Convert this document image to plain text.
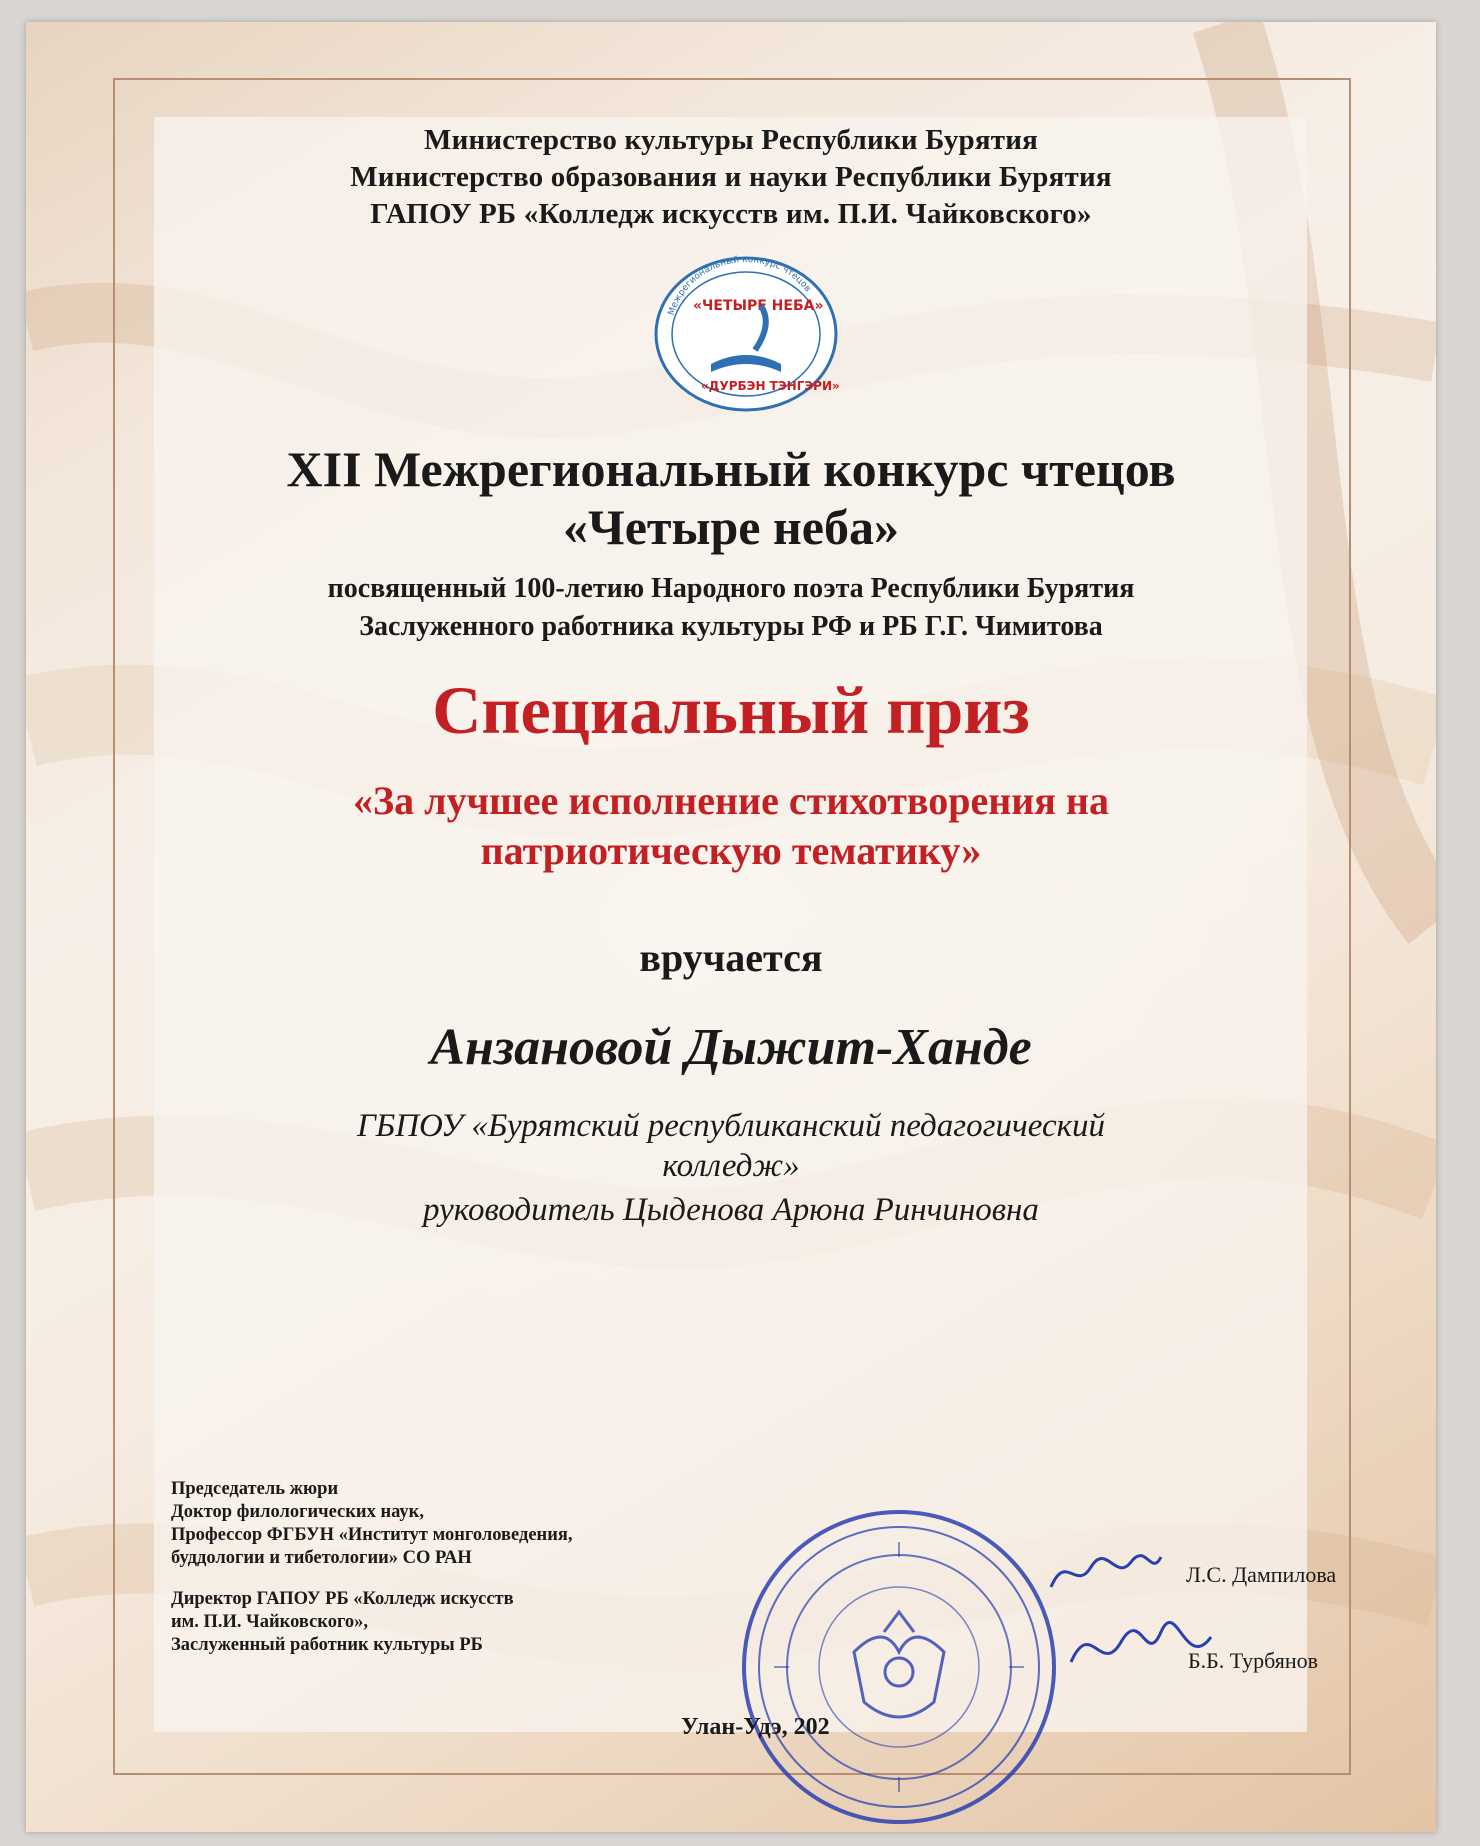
Министерство культуры Республики Бурятия
Министерство образования и науки Республики Бурятия
ГАПОУ РБ «Колледж искусств им. П.И. Чайковского»
Межрегиональный конкурс чтецов
«ЧЕТЫРЕ НЕБА»
«ДУРБЭН ТЭНГЭРИ»
XII Межрегиональный конкурс чтецов
«Четыре неба»
посвященный 100-летию Народного поэта Республики Бурятия
Заслуженного работника культуры РФ и РБ Г.Г. Чимитова
Специальный приз
«За лучшее исполнение стихотворения на
патриотическую тематику»
вручается
Анзановой Дыжит-Ханде
ГБПОУ «Бурятский республиканский педагогический
колледж»
руководитель Цыденова Арюна Ринчиновна
Председатель жюри
Доктор филологических наук,
Профессор ФГБУН «Институт монголоведения,
буддологии и тибетологии» СО РАН
Директор ГАПОУ РБ «Колледж искусств
им. П.И. Чайковского»,
Заслуженный работник культуры РБ
Л.С. Дампилова
Б.Б. Турбянов
Улан-Удэ, 202
